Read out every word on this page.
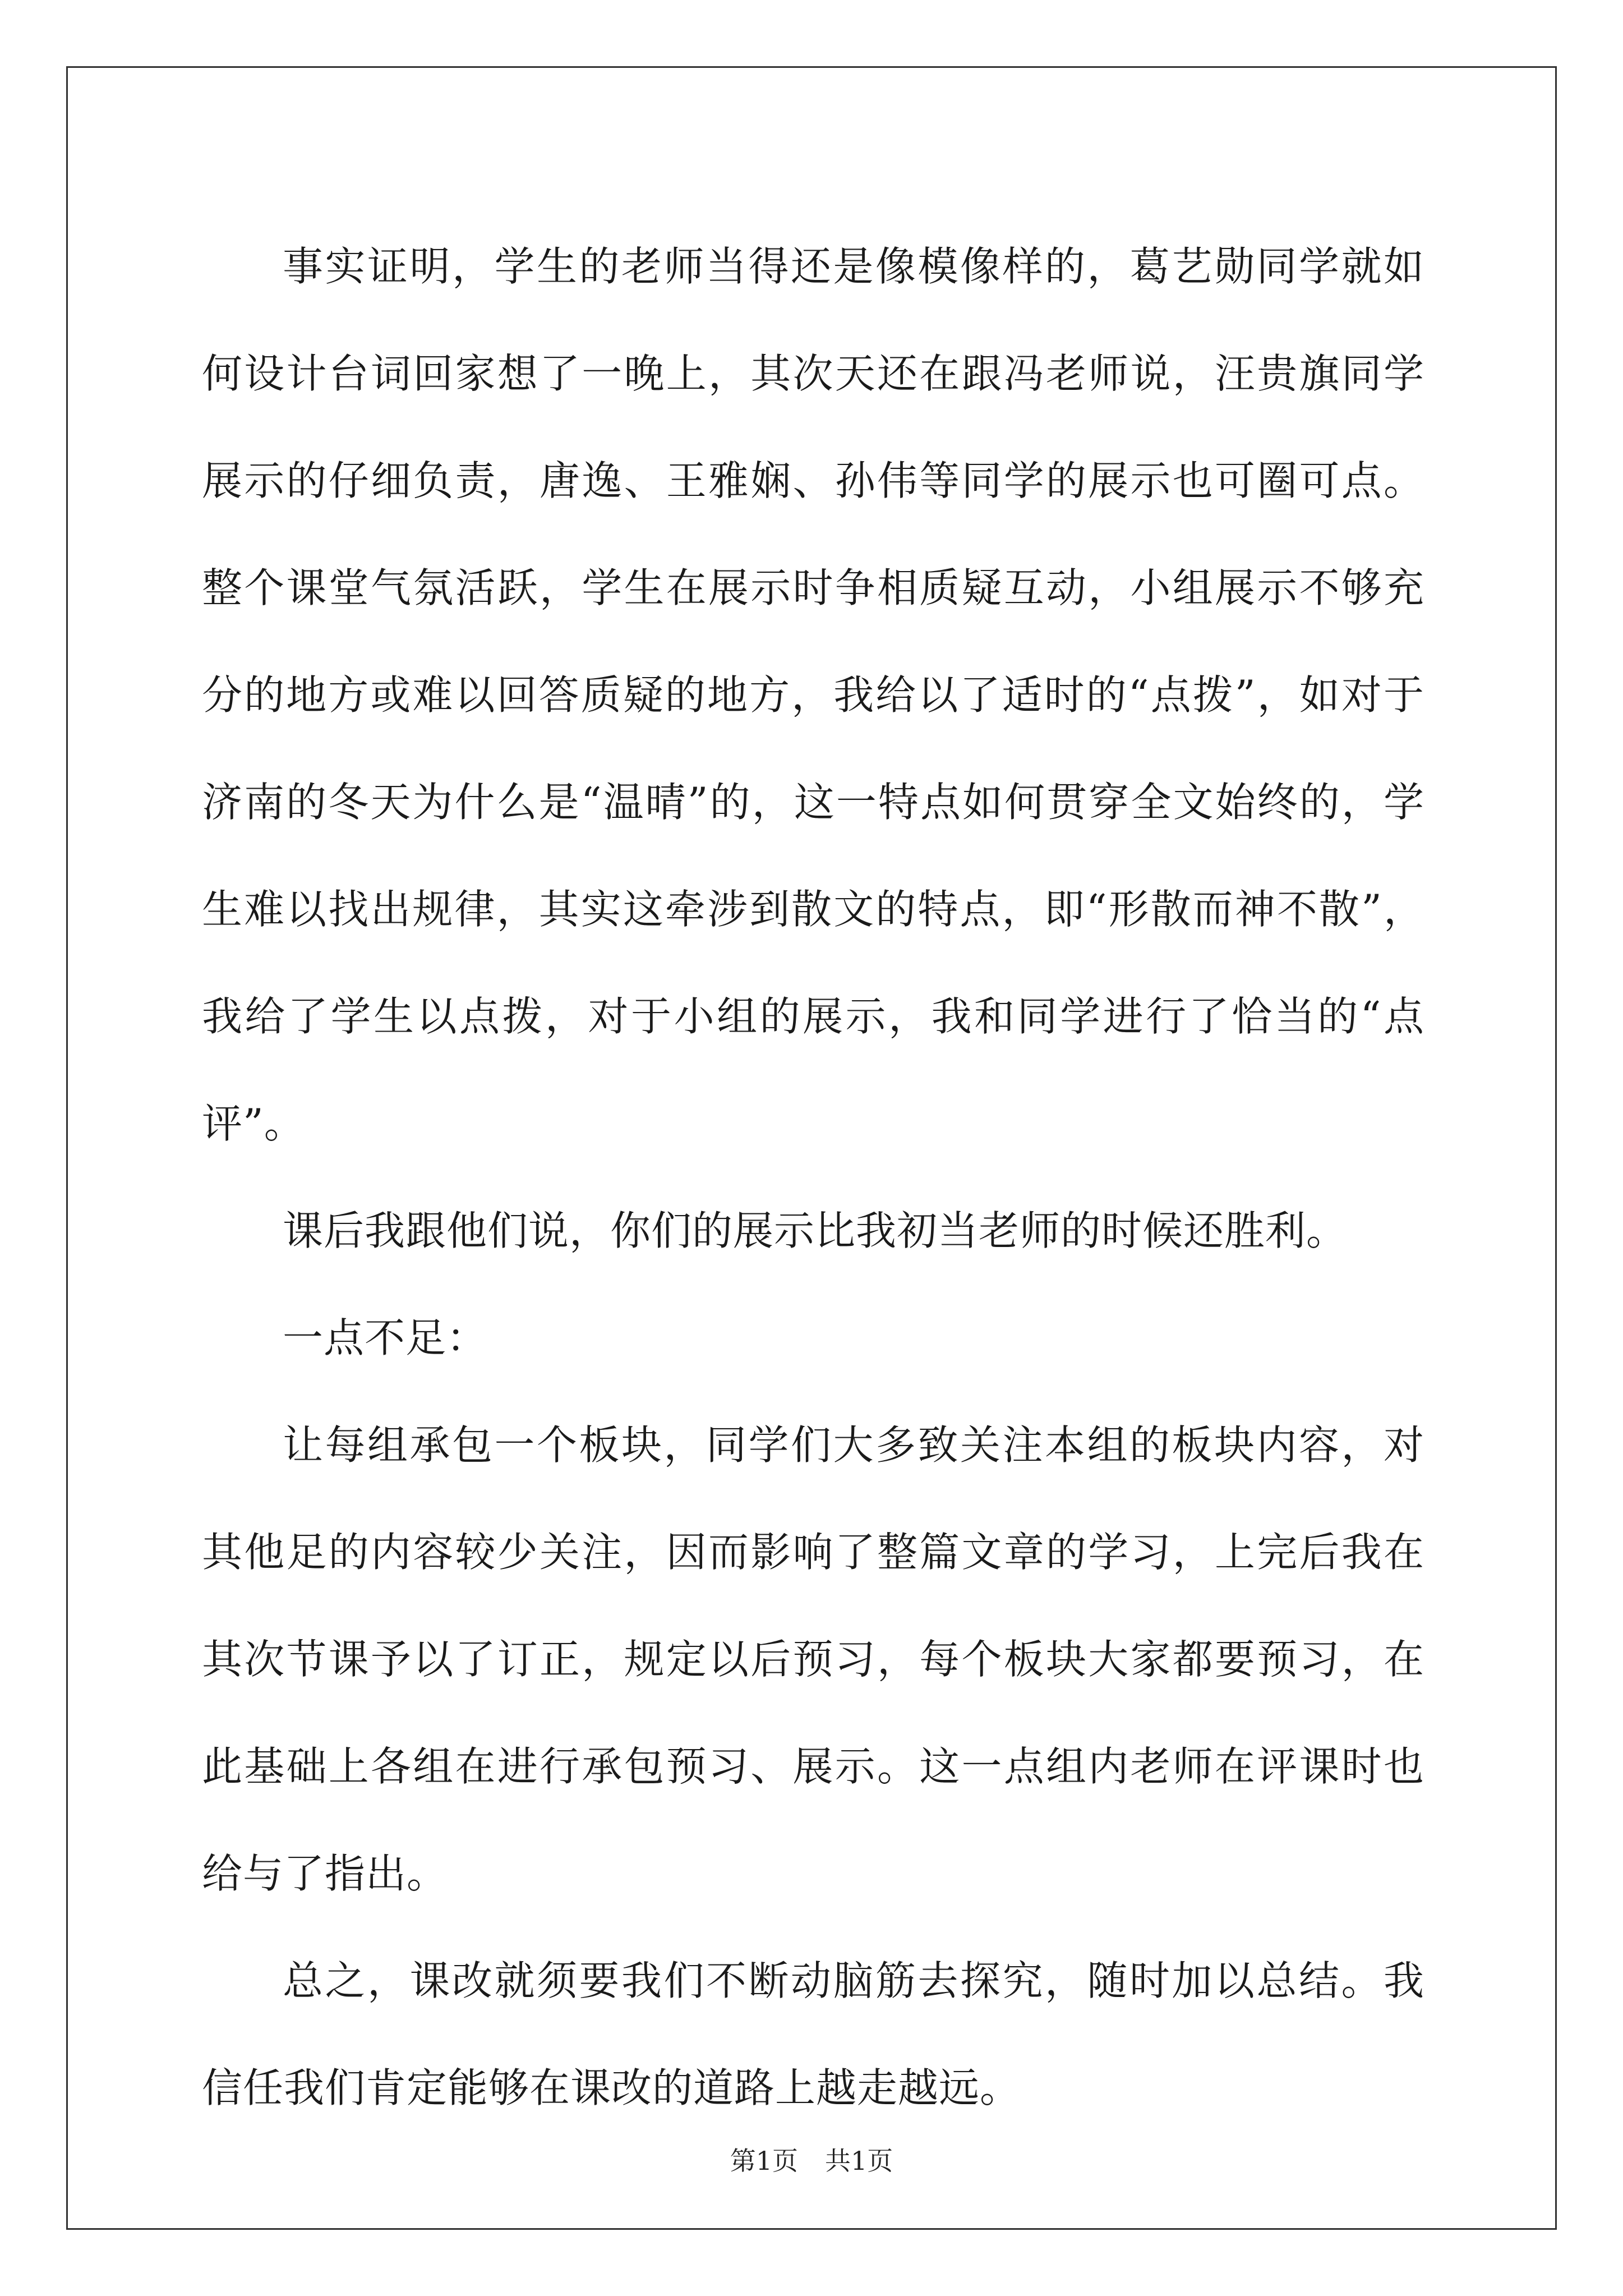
事实证明，学生的老师当得还是像模像样的，葛艺勋同学就如何设计台词回家想了一晚上，其次天还在跟冯老师说，汪贵旗同学展示的仔细负责，唐逸、王雅娴、孙伟等同学的展示也可圈可点。整个课堂气氛活跃，学生在展示时争相质疑互动，小组展示不够充分的地方或难以回答质疑的地方，我给以了适时的“点拨”，如对于济南的冬天为什么是“温晴”的，这一特点如何贯穿全文始终的，学生难以找出规律，其实这牵涉到散文的特点，即“形散而神不散”，我给了学生以点拨，对于小组的展示，我和同学进行了恰当的“点评”。

课后我跟他们说，你们的展示比我初当老师的时候还胜利。

一点不足：

让每组承包一个板块，同学们大多致关注本组的板块内容，对其他足的内容较少关注，因而影响了整篇文章的学习，上完后我在其次节课予以了订正，规定以后预习，每个板块大家都要预习，在此基础上各组在进行承包预习、展示。这一点组内老师在评课时也给与了指出。

总之，课改就须要我们不断动脑筋去探究，随时加以总结。我信任我们肯定能够在课改的道路上越走越远。

第1页 共1页
